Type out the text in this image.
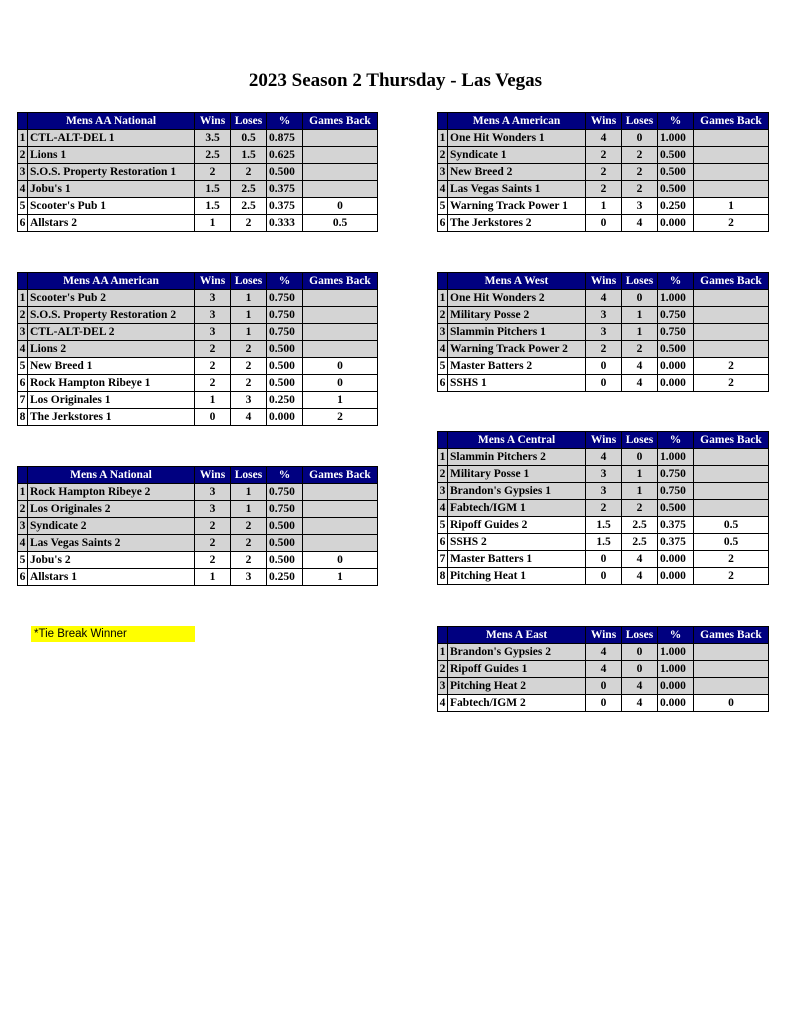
2023 Season 2 Thursday - Las Vegas
	Mens AA National	Wins	Loses	%	Games Back
1	CTL-ALT-DEL 1	3.5	0.5	0.875	
2	Lions 1	2.5	1.5	0.625	
3	S.O.S. Property Restoration 1	2	2	0.500	
4	Jobu's 1	1.5	2.5	0.375	
5	Scooter's Pub 1	1.5	2.5	0.375	0
6	Allstars 2	1	2	0.333	0.5
	Mens AA American	Wins	Loses	%	Games Back
1	Scooter's Pub 2	3	1	0.750	
2	S.O.S. Property Restoration 2	3	1	0.750	
3	CTL-ALT-DEL 2	3	1	0.750	
4	Lions 2	2	2	0.500	
5	New Breed 1	2	2	0.500	0
6	Rock Hampton Ribeye 1	2	2	0.500	0
7	Los Originales 1	1	3	0.250	1
8	The Jerkstores 1	0	4	0.000	2
	Mens A National	Wins	Loses	%	Games Back
1	Rock Hampton Ribeye 2	3	1	0.750	
2	Los Originales 2	3	1	0.750	
3	Syndicate 2	2	2	0.500	
4	Las Vegas Saints 2	2	2	0.500	
5	Jobu's 2	2	2	0.500	0
6	Allstars 1	1	3	0.250	1
	Mens A American	Wins	Loses	%	Games Back
1	One Hit Wonders 1	4	0	1.000	
2	Syndicate 1	2	2	0.500	
3	New Breed 2	2	2	0.500	
4	Las Vegas Saints 1	2	2	0.500	
5	Warning Track Power 1	1	3	0.250	1
6	The Jerkstores 2	0	4	0.000	2
	Mens A West	Wins	Loses	%	Games Back
1	One Hit Wonders 2	4	0	1.000	
2	Military Posse 2	3	1	0.750	
3	Slammin Pitchers 1	3	1	0.750	
4	Warning Track Power 2	2	2	0.500	
5	Master Batters 2	0	4	0.000	2
6	SSHS 1	0	4	0.000	2
	Mens A Central	Wins	Loses	%	Games Back
1	Slammin Pitchers 2	4	0	1.000	
2	Military Posse 1	3	1	0.750	
3	Brandon's Gypsies 1	3	1	0.750	
4	Fabtech/IGM 1	2	2	0.500	
5	Ripoff Guides 2	1.5	2.5	0.375	0.5
6	SSHS 2	1.5	2.5	0.375	0.5
7	Master Batters 1	0	4	0.000	2
8	Pitching Heat 1	0	4	0.000	2
	Mens A East	Wins	Loses	%	Games Back
1	Brandon's Gypsies 2	4	0	1.000	
2	Ripoff Guides 1	4	0	1.000	
3	Pitching Heat 2	0	4	0.000	
4	Fabtech/IGM 2	0	4	0.000	0
*Tie Break Winner
